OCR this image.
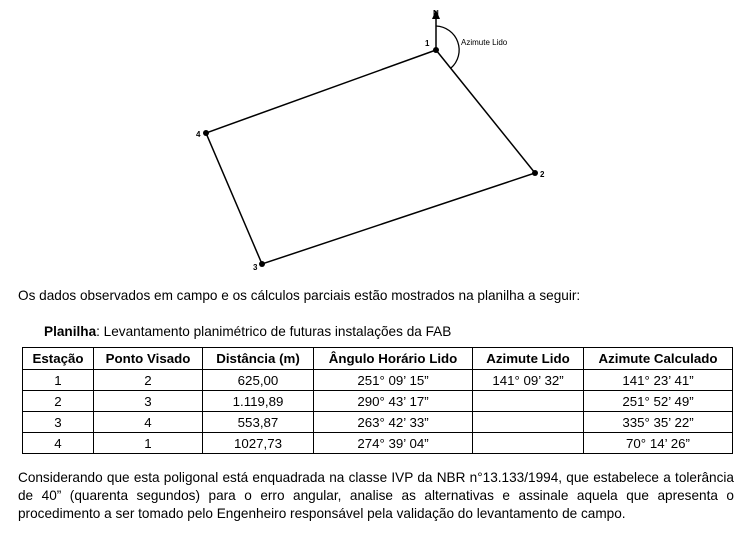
N
Azimute Lido
1
2
3
4
Os dados observados em campo e os cálculos parciais estão mostrados na planilha a seguir:
Planilha: Levantamento planimétrico de futuras instalações da FAB
Estação	Ponto Visado	Distância (m)	Ângulo Horário Lido	Azimute Lido	Azimute Calculado
1	2	625,00	251° 09’ 15”	141° 09’ 32”	141° 23’ 41”
2	3	1.119,89	290° 43’ 17”		251° 52’ 49”
3	4	553,87	263° 42’ 33”		335° 35’ 22”
4	1	1027,73	274° 39’ 04”		70° 14’ 26”
Considerando que esta poligonal está enquadrada na classe IVP da NBR n°13.133/1994, que estabelece a tolerância de 40” (quarenta segundos) para o erro angular, analise as alternativas e assinale aquela que apresenta o procedimento a ser tomado pelo Engenheiro responsável pela validação do levantamento de campo.
